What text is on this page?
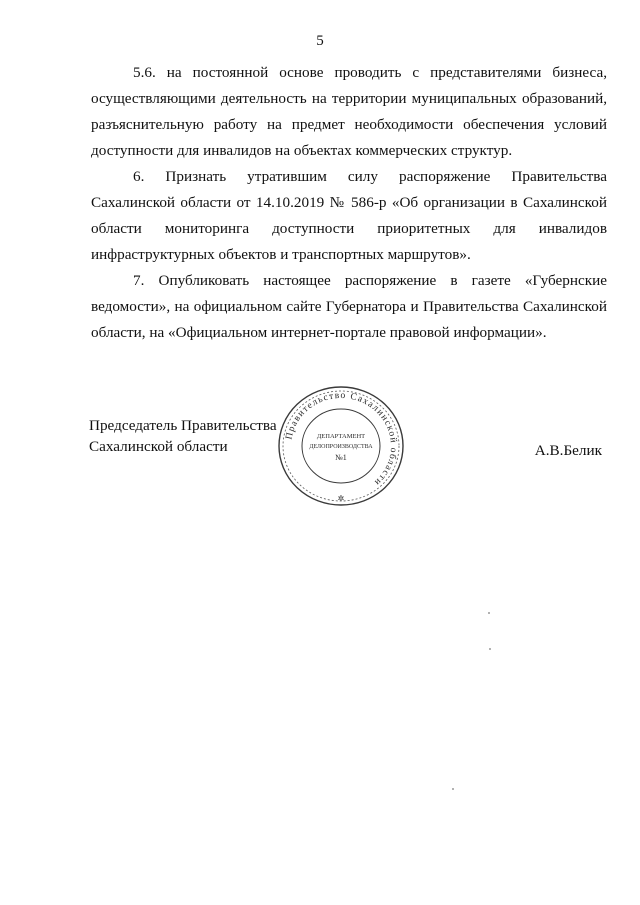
5

5.6. на постоянной основе проводить с представителями бизнеса, осуществляющими деятельность на территории муниципальных образований, разъяснительную работу на предмет необходимости обеспечения условий доступности для инвалидов на объектах коммерческих структур.

6. Признать утратившим силу распоряжение Правительства Сахалинской области от 14.10.2019 № 586-р «Об организации в Сахалинской области мониторинга доступности приоритетных для инвалидов инфраструктурных объектов и транспортных маршрутов».

7. Опубликовать настоящее распоряжение в газете «Губернские ведомости», на официальном сайте Губернатора и Правительства Сахалинской области, на «Официальном интернет-портале правовой информации».

Председатель Правительства
Сахалинской области
Правительство Сахалинской области
ДЕПАРТАМЕНТ
ДЕЛОПРОИЗВОДСТВА
№1
✲
А.В.Белик
